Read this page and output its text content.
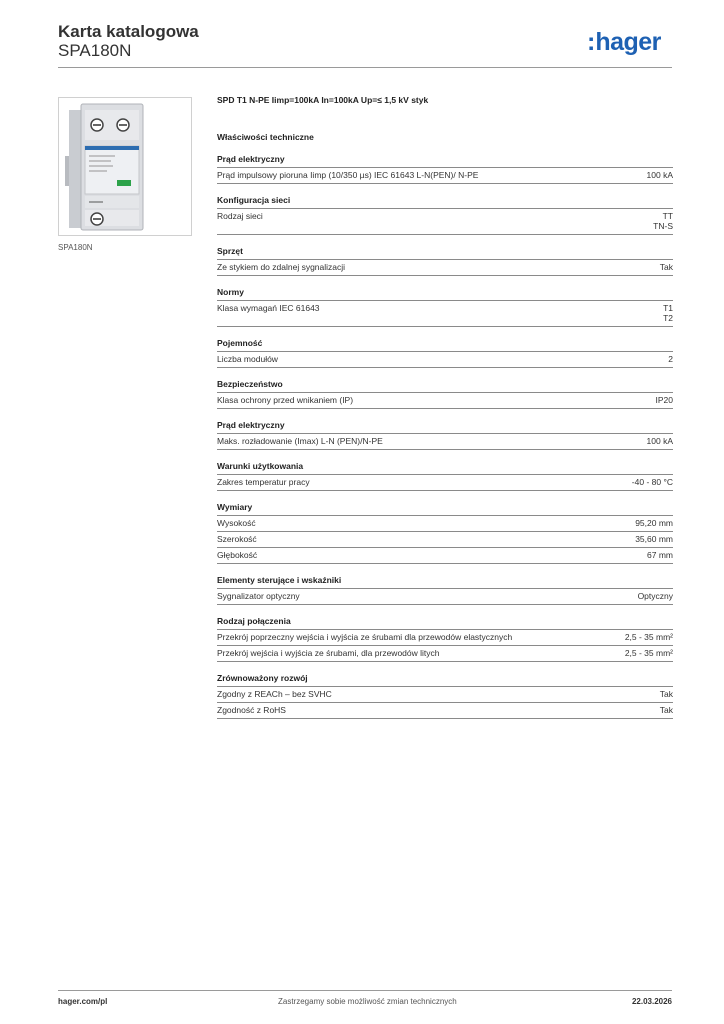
Karta katalogowa
SPA180N	:hager
SPA180N
SPD T1 N-PE Iimp=100kA In=100kA Up=≤ 1,5 kV styk
Właściwości techniczne
Prąd elektryczny
Prąd impulsowy pioruna Iimp (10/350 µs) IEC 61643 L-N(PEN)/ N-PE	100 kA
Konfiguracja sieci
Rodzaj sieci	TT
TN-S
Sprzęt
Ze stykiem do zdalnej sygnalizacji	Tak
Normy
Klasa wymagań IEC 61643	T1
T2
Pojemność
Liczba modułów	2
Bezpieczeństwo
Klasa ochrony przed wnikaniem (IP)	IP20
Prąd elektryczny
Maks. rozładowanie (Imax) L-N (PEN)/N-PE	100 kA
Warunki użytkowania
Zakres temperatur pracy	-40 - 80 °C
Wymiary
Wysokość	95,20 mm
Szerokość	35,60 mm
Głębokość	67 mm
Elementy sterujące i wskaźniki
Sygnalizator optyczny	Optyczny
Rodzaj połączenia
Przekrój poprzeczny wejścia i wyjścia ze śrubami dla przewodów elastycznych	2,5 - 35 mm²
Przekrój wejścia i wyjścia ze śrubami, dla przewodów litych	2,5 - 35 mm²
Zrównoważony rozwój
Zgodny z REACh – bez SVHC	Tak
Zgodność z RoHS	Tak
hager.com/pl	Zastrzegamy sobie możliwość zmian technicznych	22.03.2026
